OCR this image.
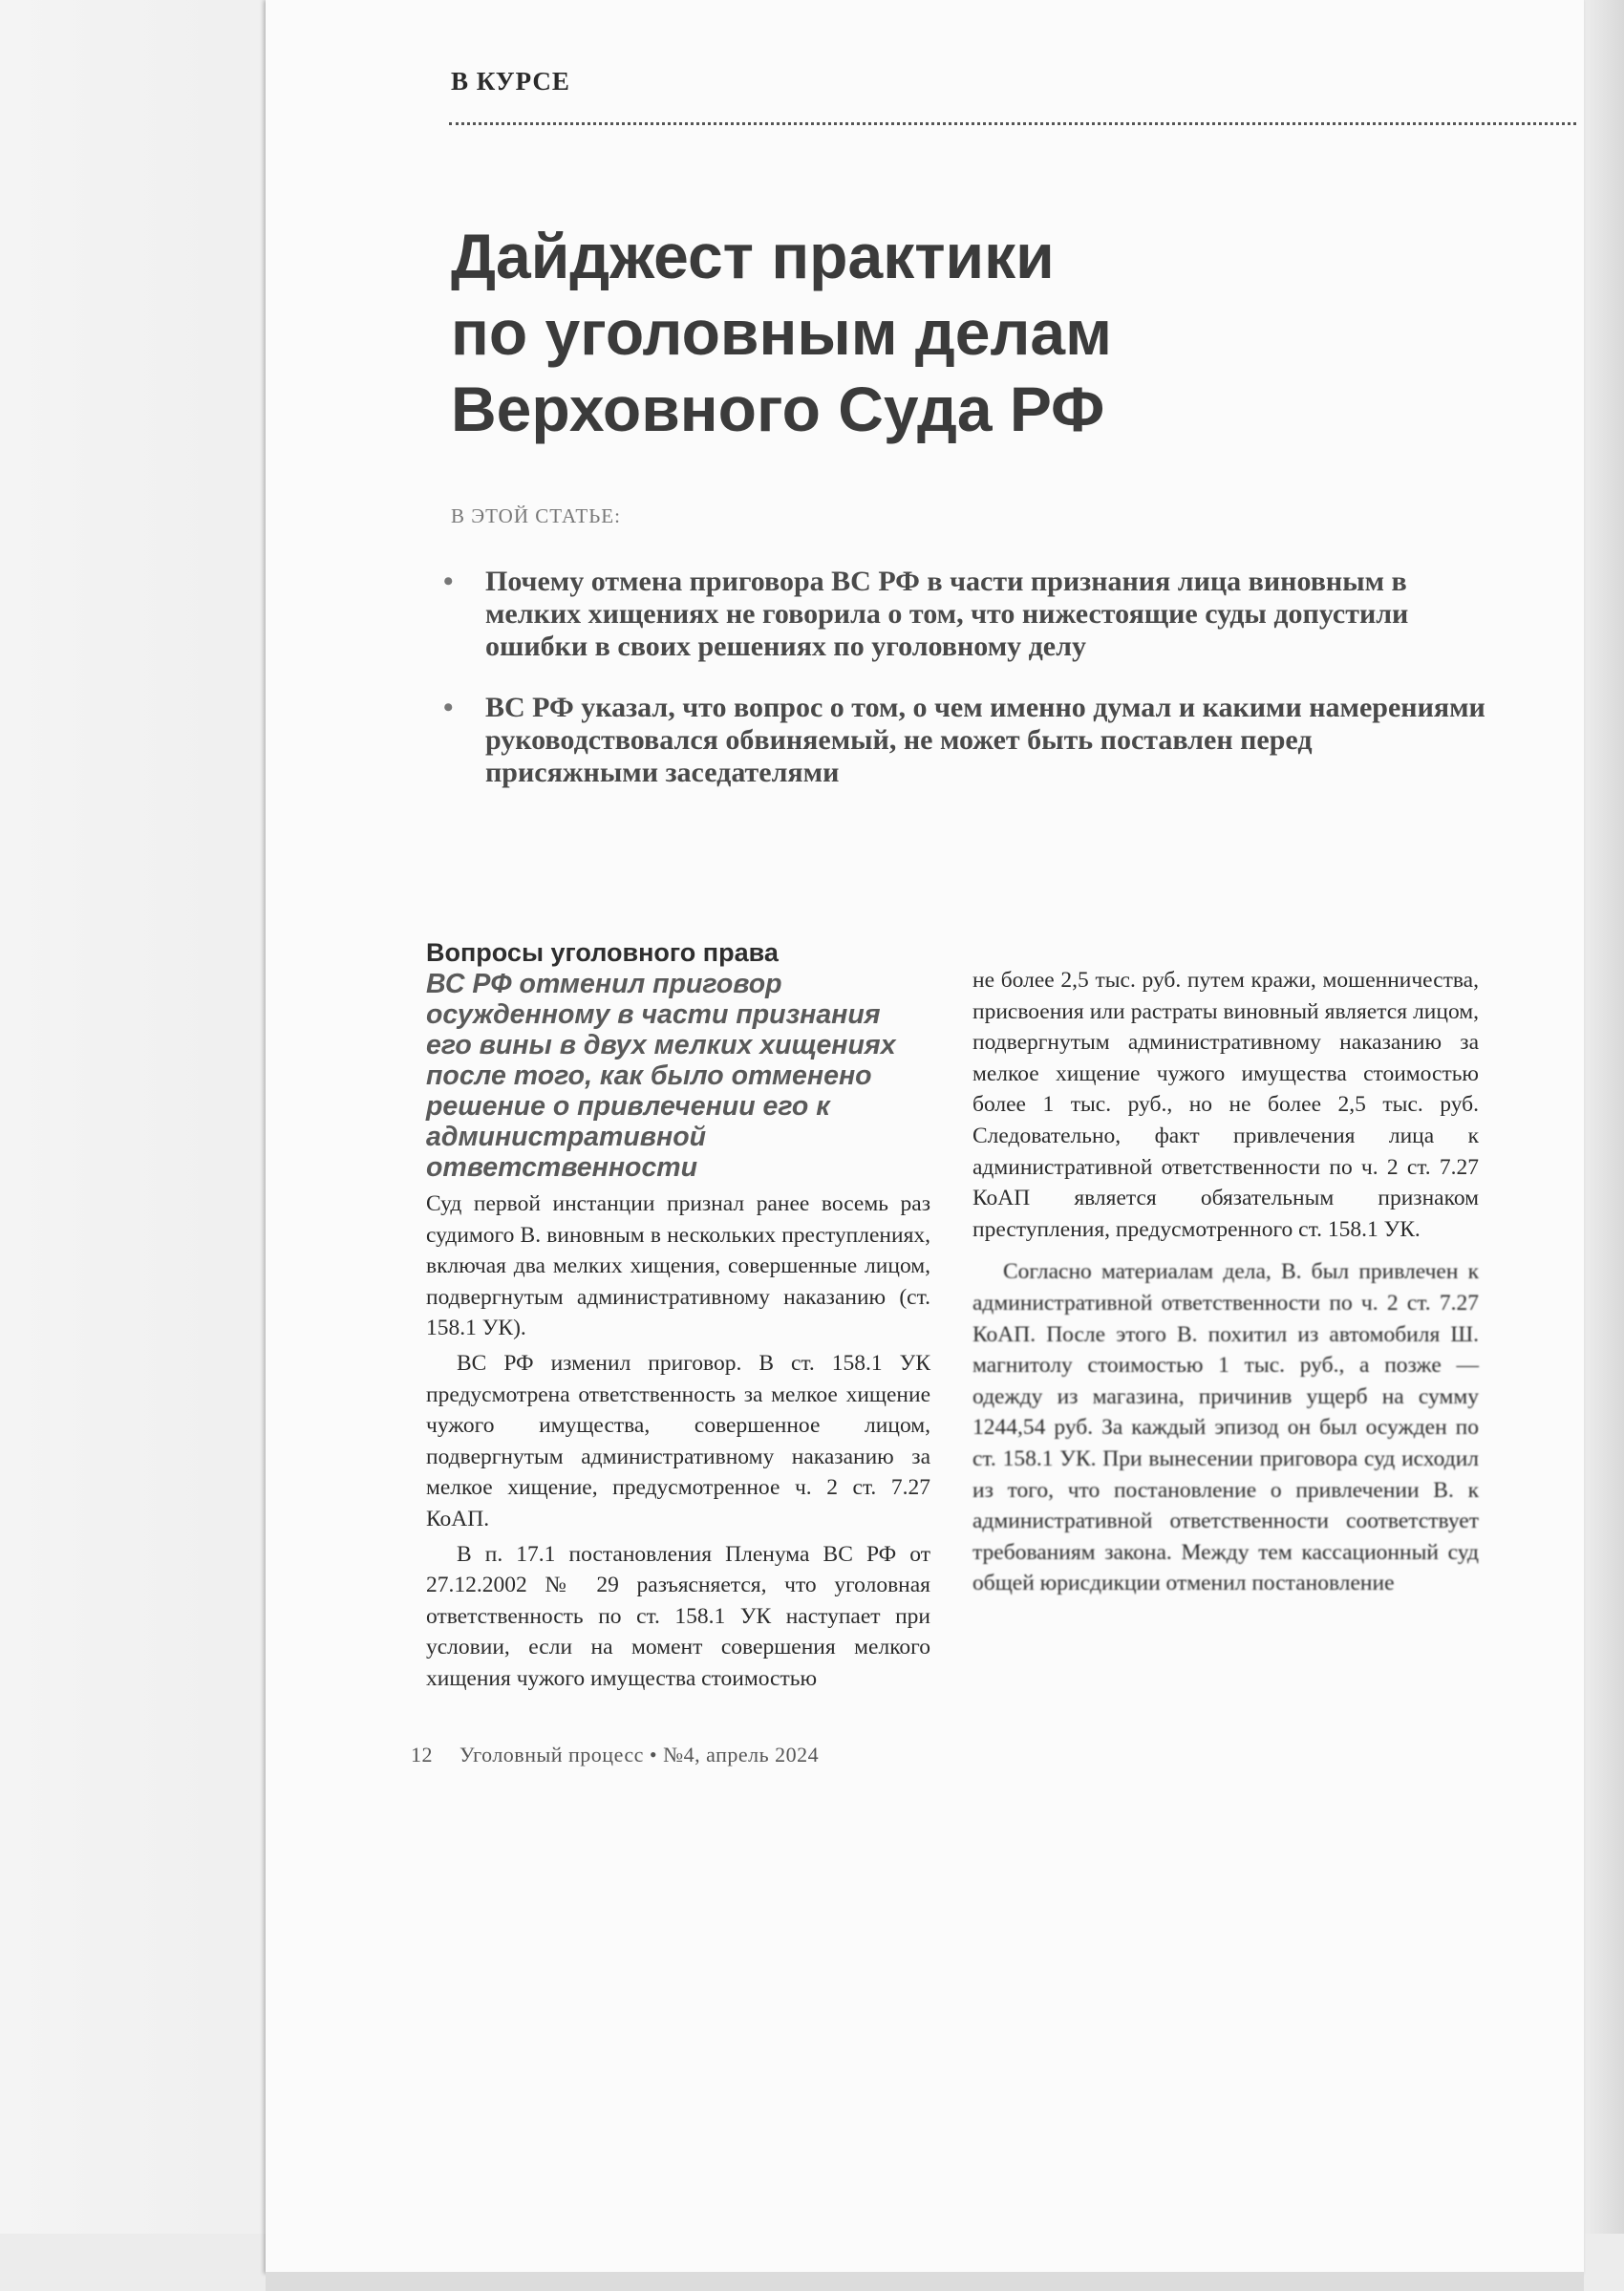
В КУРСЕ
Дайджест практики
по уголовным делам
Верховного Суда РФ
В ЭТОЙ СТАТЬЕ:
• Почему отмена приговора ВС РФ в части признания лица виновным в мелких хищениях не говорила о том, что нижестоящие суды допустили ошибки в своих решениях по уголовному делу
• ВС РФ указал, что вопрос о том, о чем именно думал и какими намерениями руководствовался обвиняемый, не может быть поставлен перед присяжными заседателями
Вопросы уголовного права

ВС РФ отменил приговор осужденному в части признания его вины в двух мелких хищениях после того, как было отменено решение о привлечении его к административной ответственности

Суд первой инстанции признал ранее восемь раз судимого В. виновным в нескольких преступлениях, включая два мелких хищения, совершенные лицом, подвергнутым административному наказанию (ст. 158.1 УК).

ВС РФ изменил приговор. В ст. 158.1 УК предусмотрена ответственность за мелкое хищение чужого имущества, совершенное лицом, подвергнутым административному наказанию за мелкое хищение, предусмотренное ч. 2 ст. 7.27 КоАП.

В п. 17.1 постановления Пленума ВС РФ от 27.12.2002 № 29 разъясняется, что уголовная ответственность по ст. 158.1 УК наступает при условии, если на момент совершения мелкого хищения чужого имущества стоимостью

не более 2,5 тыс. руб. путем кражи, мошенничества, присвоения или растраты виновный является лицом, подвергнутым административному наказанию за мелкое хищение чужого имущества стоимостью более 1 тыс. руб., но не более 2,5 тыс. руб. Следовательно, факт привлечения лица к административной ответственности по ч. 2 ст. 7.27 КоАП является обязательным признаком преступления, предусмотренного ст. 158.1 УК.

Согласно материалам дела, В. был привлечен к административной ответственности по ч. 2 ст. 7.27 КоАП. После этого В. похитил из автомобиля Ш. магнитолу стоимостью 1 тыс. руб., а позже — одежду из магазина, причинив ущерб на сумму 1244,54 руб. За каждый эпизод он был осужден по ст. 158.1 УК. При вынесении приговора суд исходил из того, что постановление о привлечении В. к административной ответственности соответствует требованиям закона. Между тем кассационный суд общей юрисдикции отменил постановление

12 Уголовный процесс • №4, апрель 2024
